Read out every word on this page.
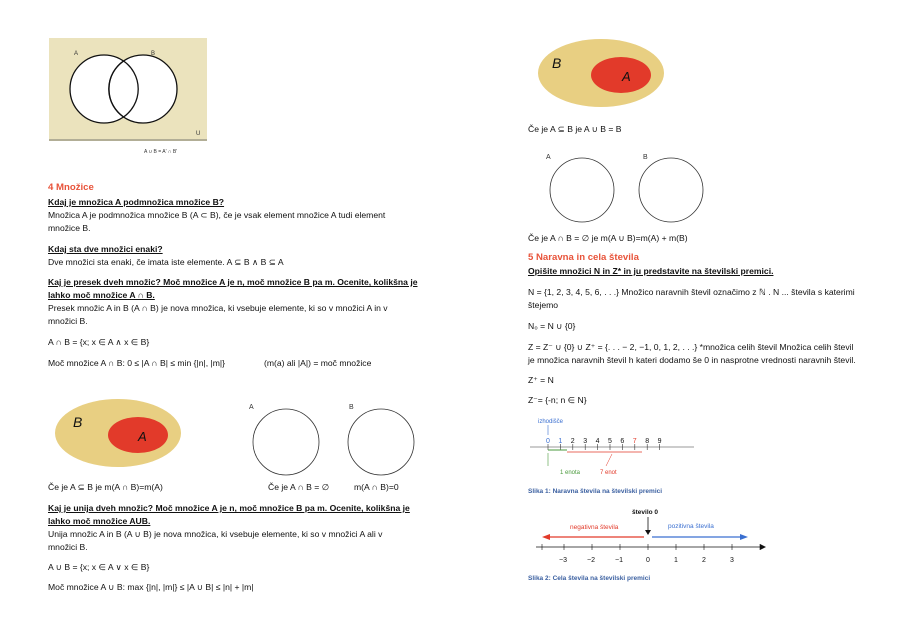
A	B
U
A ∪ B = A' ∩ B'
4 Množice
Kdaj je množica A podmnožica množice B?
Množica A je podmnožica množice B (A ⊂ B), če je vsak element množice A tudi element
množice B.
Kdaj sta dve množici enaki?
Dve množici sta enaki, če imata iste elemente. A ⊆ B ∧ B ⊆ A
Kaj je presek dveh množic? Moč množice A je n, moč množice B pa m. Ocenite, kolikšna je
lahko moč množice A ∩ B.
Presek množic A in B (A ∩ B) je nova množica, ki vsebuje elemente, ki so v množici A in v
množici B.
A ∩ B = {x; x ∈ A ∧ x ∈ B}
Moč množice A ∩ B: 0 ≤ |A ∩ B| ≤ min {|n|, |m|}	(m(a) ali |A|) = moč množice
B
A
A	B
Če je A ⊆ B je m(A ∩ B)=m(A)	Če je A ∩ B = ∅	m(A ∩ B)=0
Kaj je unija dveh množic? Moč množice A je n, moč množice B pa m. Ocenite, kolikšna je
lahko moč množice AUB.
Unija množic A in B (A ∪ B) je nova množica, ki vsebuje elemente, ki so v množici A ali v
množici B.
A ∪ B = {x; x ∈ A ∨ x ∈ B}
Moč množice A ∪ B: max {|n|, |m|} ≤ |A ∪ B| ≤ |n| + |m|
B
A
Če je A ⊆ B je A ∪ B = B
A	B
Če je A ∩ B = ∅ je m(A ∪ B)=m(A) + m(B)
5 Naravna in cela števila
Opišite množici N in Z* in ju predstavite na številski premici.
N = {1, 2, 3, 4, 5, 6, . . .} Množico naravnih števil označimo z ℕ . N ... števila s katerimi
štejemo
N₀ = N ∪ {0}
Z = Z⁻ ∪ {0} ∪ Z⁺ = {. . . − 2, −1, 0, 1, 2, . . .} *množica celih števil Množica celih števil
je množica naravnih števil h kateri dodamo še 0 in nasprotne vrednosti naravnih števil.
Z⁺ = N
Z⁻= {-n; n ∈ N}
izhodišče
0 1 2 3 4 5 6 7 8 9
1 enota	7 enot
Slika 1: Naravna števila na številski premici
število 0
negativna števila	pozitivna števila
−3	−2	−1	0	1	2	3
Slika 2: Cela števila na številski premici
